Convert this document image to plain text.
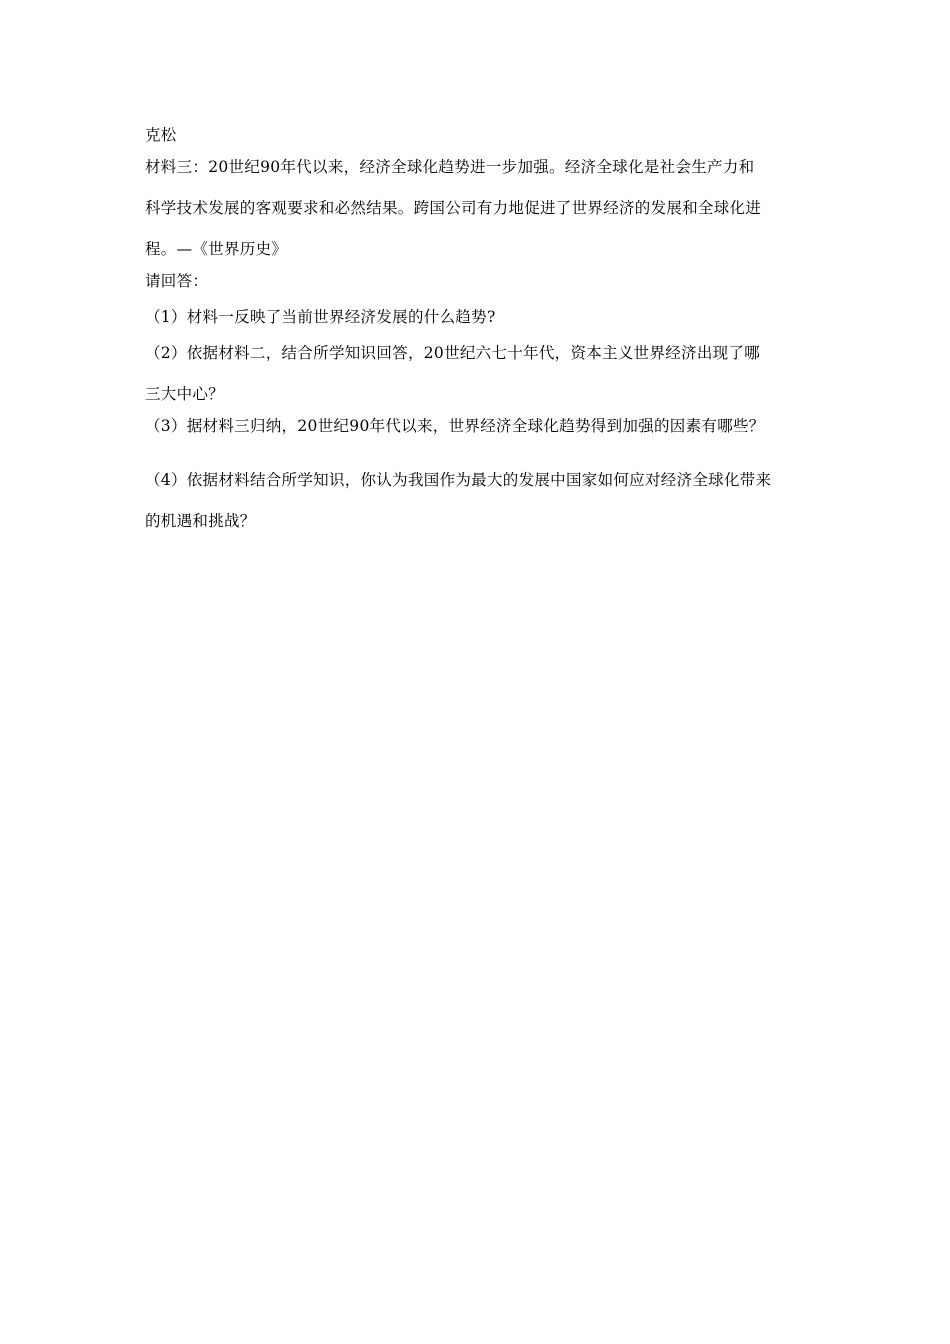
克松
材料三：20世纪90年代以来，经济全球化趋势进一步加强。经济全球化是社会生产力和
科学技术发展的客观要求和必然结果。跨国公司有力地促进了世界经济的发展和全球化进
程。—《世界历史》
请回答：
（1）材料一反映了当前世界经济发展的什么趋势?
（2）依据材料二，结合所学知识回答，20世纪六七十年代，资本主义世界经济出现了哪
三大中心？
（3）据材料三归纳，20世纪90年代以来，世界经济全球化趋势得到加强的因素有哪些？
（4）依据材料结合所学知识，你认为我国作为最大的发展中国家如何应对经济全球化带来
的机遇和挑战？
